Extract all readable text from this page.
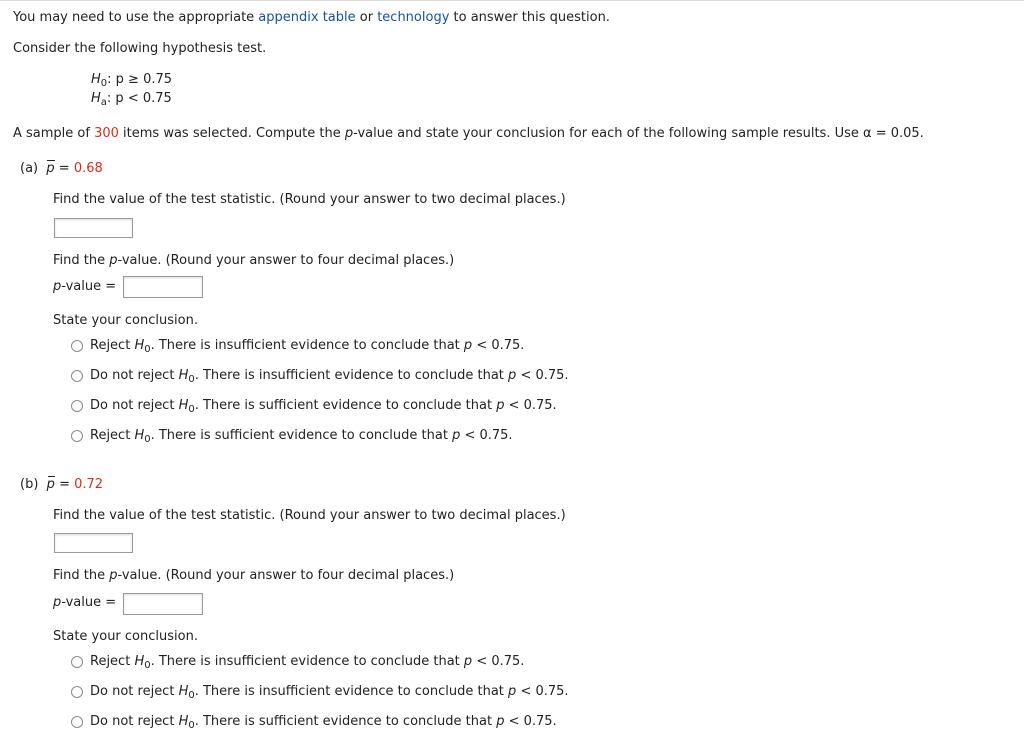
You may need to use the appropriate appendix table or technology to answer this question.
Consider the following hypothesis test.
$H_0$: p ≥ 0.75
$H_a$: p < 0.75
A sample of 300 items was selected. Compute the p-value and state your conclusion for each of the following sample results. Use α = 0.05.
(a) p = 0.68
Find the value of the test statistic. (Round your answer to two decimal places.)
Find the p-value. (Round your answer to four decimal places.)
p-value =
State your conclusion.
Reject $H_0$. There is insufficient evidence to conclude that p < 0.75.
Do not reject $H_0$. There is insufficient evidence to conclude that p < 0.75.
Do not reject $H_0$. There is sufficient evidence to conclude that p < 0.75.
Reject $H_0$. There is sufficient evidence to conclude that p < 0.75.
(b) p = 0.72
Find the value of the test statistic. (Round your answer to two decimal places.)
Find the p-value. (Round your answer to four decimal places.)
p-value =
State your conclusion.
Reject $H_0$. There is insufficient evidence to conclude that p < 0.75.
Do not reject $H_0$. There is insufficient evidence to conclude that p < 0.75.
Do not reject $H_0$. There is sufficient evidence to conclude that p < 0.75.
